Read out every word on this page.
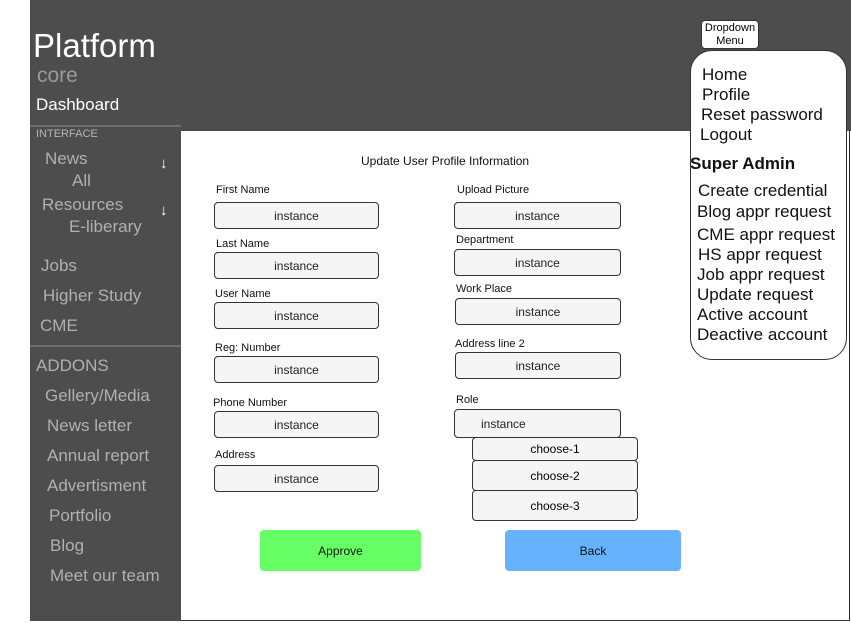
Platform
core
Dashboard
INTERFACE
News	↓
All
Resources ↓
E-liberary
Jobs
Higher Study
CME
ADDONS
Gellery/Media
News letter
Annual report
Advertisment
Portfolio
Blog
Meet our team
Update User Profile Information
First Name
instance
Last Name
instance
User Name
instance
Reg: Number
instance
Phone Number
instance
Address
instance
Upload Picture
instance
Department
instance
Work Place
instance
Address line 2
instance
Role
instance
choose-1
choose-2
choose-3
Approve	Back
Dropdown
Menu
Home
Profile
Reset password
Logout
Super Admin
Create credential
Blog appr request
CME appr request
HS appr request
Job appr request
Update request
Active account
Deactive account
